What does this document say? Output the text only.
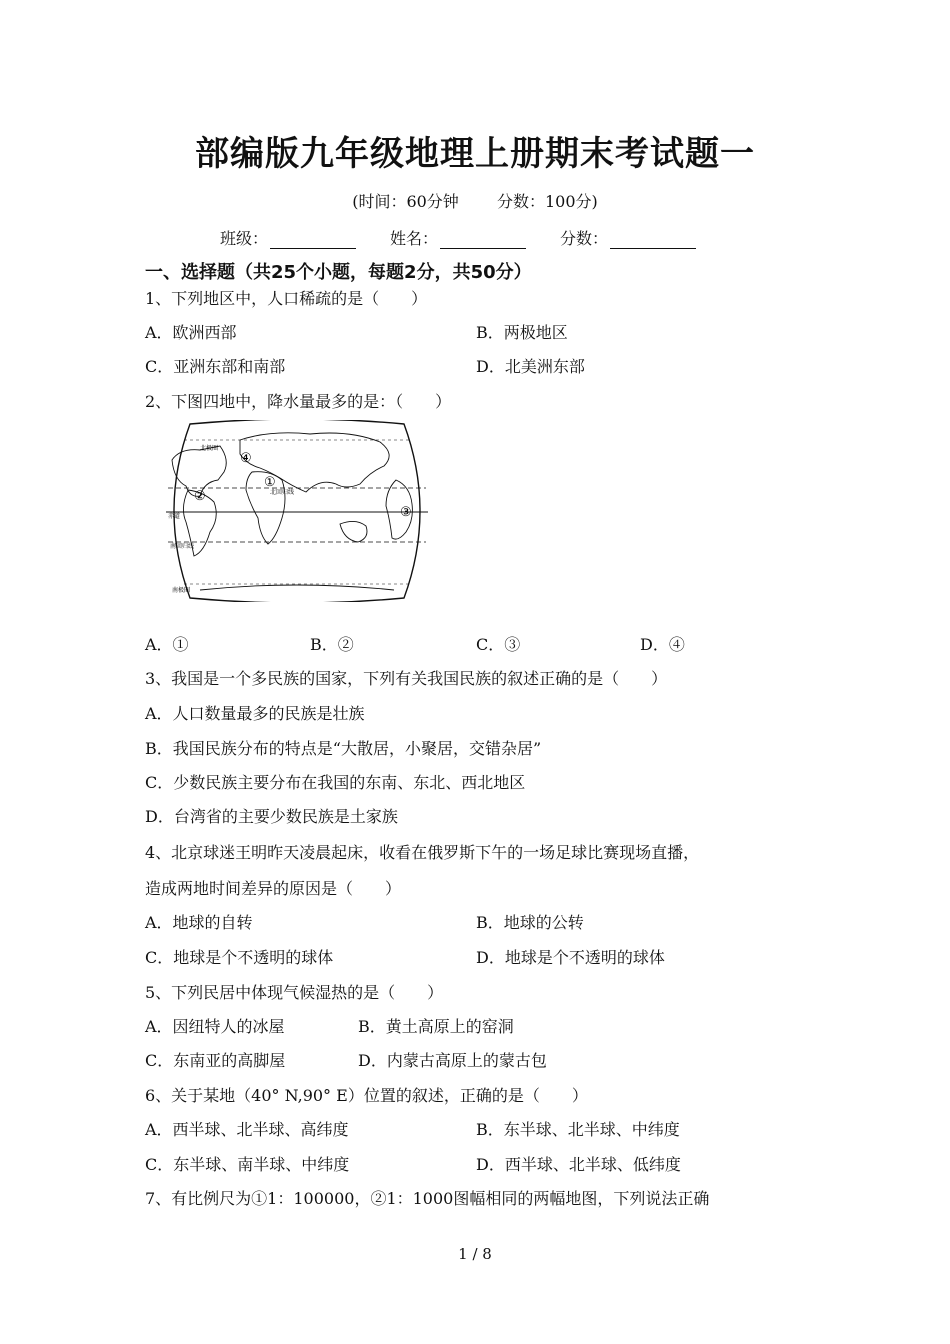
部编版九年级地理上册期末考试题一
(时间：60分钟 分数：100分)
班级：	姓名：	分数：
一、选择题（共25个小题，每题2分，共50分）
1、下列地区中，人口稀疏的是（　　）
A．欧洲西部	B．两极地区
C．亚洲东部和南部	D．北美洲东部
2、下图四地中，降水量最多的是：（　　）
北极圈
北回归线
赤道
南回归线
南极圈
①
②
③
④
A．①	B．②	C．③	D．④
3、我国是一个多民族的国家，下列有关我国民族的叙述正确的是（　　）
A．人口数量最多的民族是壮族
B．我国民族分布的特点是“大散居，小聚居，交错杂居”
C．少数民族主要分布在我国的东南、东北、西北地区
D．台湾省的主要少数民族是土家族
4、北京球迷王明昨天凌晨起床，收看在俄罗斯下午的一场足球比赛现场直播，
造成两地时间差异的原因是（　　）
A．地球的自转	B．地球的公转
C．地球是个不透明的球体	D．地球是个不透明的球体
5、下列民居中体现气候湿热的是（　　）
A．因纽特人的冰屋	B．黄土高原上的窑洞
C．东南亚的高脚屋	D．内蒙古高原上的蒙古包
6、关于某地（40° N,90° E）位置的叙述，正确的是（　　）
A．西半球、北半球、高纬度	B．东半球、北半球、中纬度
C．东半球、南半球、中纬度	D．西半球、北半球、低纬度
7、有比例尺为①1：100000，②1：1000图幅相同的两幅地图，下列说法正确
1 / 8
